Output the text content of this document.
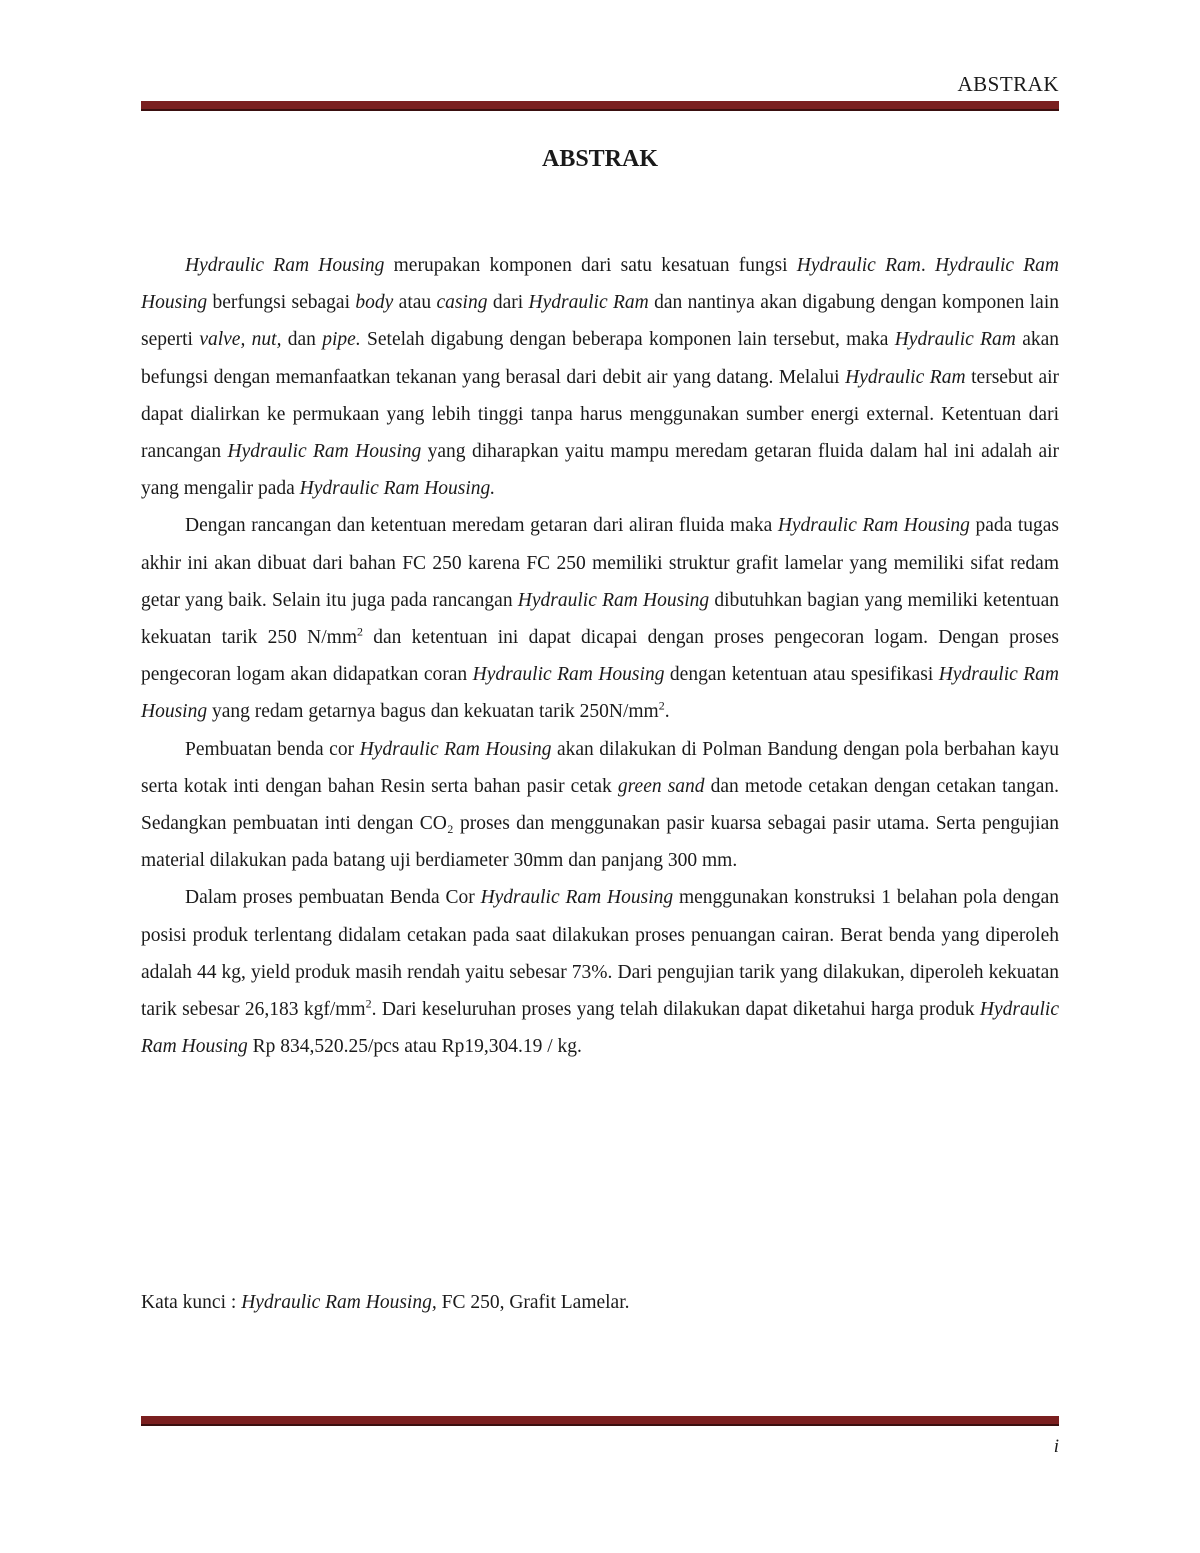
ABSTRAK
ABSTRAK

Hydraulic Ram Housing merupakan komponen dari satu kesatuan fungsi Hydraulic Ram. Hydraulic Ram Housing berfungsi sebagai body atau casing dari Hydraulic Ram dan nantinya akan digabung dengan komponen lain seperti valve, nut, dan pipe. Setelah digabung dengan beberapa komponen lain tersebut, maka Hydraulic Ram akan befungsi dengan memanfaatkan tekanan yang berasal dari debit air yang datang. Melalui Hydraulic Ram tersebut air dapat dialirkan ke permukaan yang lebih tinggi tanpa harus menggunakan sumber energi external. Ketentuan dari rancangan Hydraulic Ram Housing yang diharapkan yaitu mampu meredam getaran fluida dalam hal ini adalah air yang mengalir pada Hydraulic Ram Housing.

Dengan rancangan dan ketentuan meredam getaran dari aliran fluida maka Hydraulic Ram Housing pada tugas akhir ini akan dibuat dari bahan FC 250 karena FC 250 memiliki struktur grafit lamelar yang memiliki sifat redam getar yang baik. Selain itu juga pada rancangan Hydraulic Ram Housing dibutuhkan bagian yang memiliki ketentuan kekuatan tarik 250 $N/mm^2$ dan ketentuan ini dapat dicapai dengan proses pengecoran logam. Dengan proses pengecoran logam akan didapatkan coran Hydraulic Ram Housing dengan ketentuan atau spesifikasi Hydraulic Ram Housing yang redam getarnya bagus dan kekuatan tarik $250N/mm^2$.

Pembuatan benda cor Hydraulic Ram Housing akan dilakukan di Polman Bandung dengan pola berbahan kayu serta kotak inti dengan bahan Resin serta bahan pasir cetak green sand dan metode cetakan dengan cetakan tangan. Sedangkan pembuatan inti dengan CO₂ proses dan menggunakan pasir kuarsa sebagai pasir utama. Serta pengujian material dilakukan pada batang uji berdiameter 30mm dan panjang 300 mm.

Dalam proses pembuatan Benda Cor Hydraulic Ram Housing menggunakan konstruksi 1 belahan pola dengan posisi produk terlentang didalam cetakan pada saat dilakukan proses penuangan cairan. Berat benda yang diperoleh adalah 44 kg, yield produk masih rendah yaitu sebesar 73%. Dari pengujian tarik yang dilakukan, diperoleh kekuatan tarik sebesar 26,183 kgf/$mm^2$. Dari keseluruhan proses yang telah dilakukan dapat diketahui harga produk Hydraulic Ram Housing Rp 834,520.25/pcs atau Rp19,304.19 / kg.

Kata kunci : Hydraulic Ram Housing, FC 250, Grafit Lamelar.
i
